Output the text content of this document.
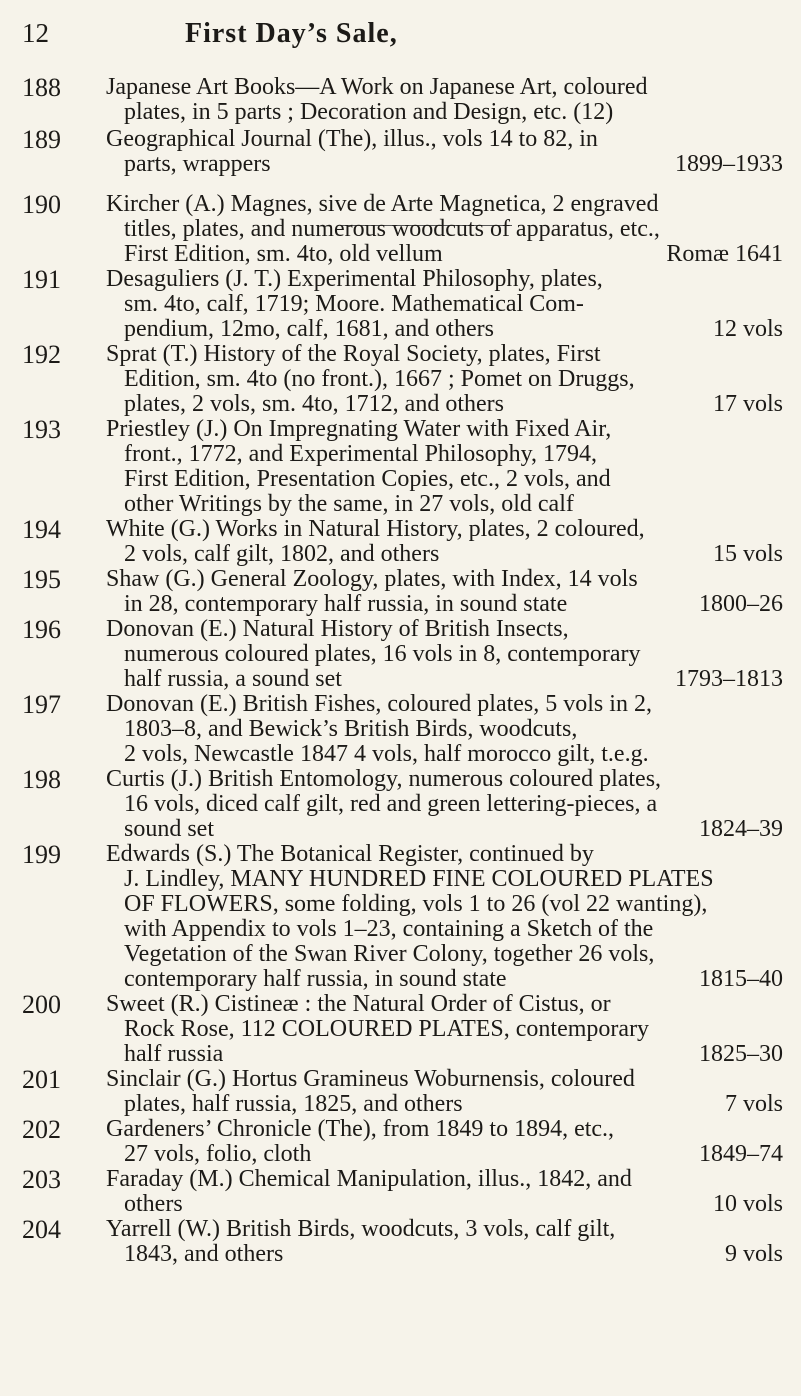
12	First Day’s Sale,
188 Japanese Art Books—A Work on Japanese Art, coloured
plates, in 5 parts ; Decoration and Design, etc. (12)
189 Geographical Journal (The), illus., vols 14 to 82, in
parts, wrappers	1899–1933
190 Kircher (A.) Magnes, sive de Arte Magnetica, 2 engraved
titles, plates, and numerous woodcuts of apparatus, etc.,
First Edition, sm. 4to, old vellum	Romæ 1641
191 Desaguliers (J. T.) Experimental Philosophy, plates,
sm. 4to, calf, 1719; Moore. Mathematical Com-
pendium, 12mo, calf, 1681, and others	12 vols
192 Sprat (T.) History of the Royal Society, plates, First
Edition, sm. 4to (no front.), 1667 ; Pomet on Druggs,
plates, 2 vols, sm. 4to, 1712, and others	17 vols
193 Priestley (J.) On Impregnating Water with Fixed Air,
front., 1772, and Experimental Philosophy, 1794,
First Edition, Presentation Copies, etc., 2 vols, and
other Writings by the same, in 27 vols, old calf
194 White (G.) Works in Natural History, plates, 2 coloured,
2 vols, calf gilt, 1802, and others	15 vols
195 Shaw (G.) General Zoology, plates, with Index, 14 vols
in 28, contemporary half russia, in sound state	1800–26
196 Donovan (E.) Natural History of British Insects,
numerous coloured plates, 16 vols in 8, contemporary
half russia, a sound set	1793–1813
197 Donovan (E.) British Fishes, coloured plates, 5 vols in 2,
1803–8, and Bewick’s British Birds, woodcuts,
2 vols, Newcastle 1847 4 vols, half morocco gilt, t.e.g.
198 Curtis (J.) British Entomology, numerous coloured plates,
16 vols, diced calf gilt, red and green lettering-pieces, a
sound set	1824–39
199 Edwards (S.) The Botanical Register, continued by
J. Lindley, MANY HUNDRED FINE COLOURED PLATES
OF FLOWERS, some folding, vols 1 to 26 (vol 22 wanting),
with Appendix to vols 1–23, containing a Sketch of the
Vegetation of the Swan River Colony, together 26 vols,
contemporary half russia, in sound state	1815–40
200 Sweet (R.) Cistineæ : the Natural Order of Cistus, or
Rock Rose, 112 COLOURED PLATES, contemporary
half russia	1825–30
201 Sinclair (G.) Hortus Gramineus Woburnensis, coloured
plates, half russia, 1825, and others	7 vols
202 Gardeners’ Chronicle (The), from 1849 to 1894, etc.,
27 vols, folio, cloth	1849–74
203 Faraday (M.) Chemical Manipulation, illus., 1842, and
others	10 vols
204 Yarrell (W.) British Birds, woodcuts, 3 vols, calf gilt,
1843, and others	9 vols
